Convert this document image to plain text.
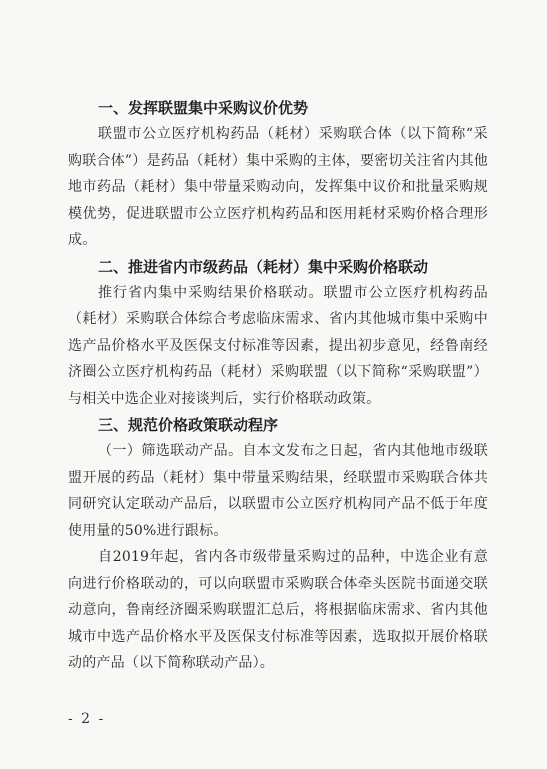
一、发挥联盟集中采购议价优势

联盟市公立医疗机构药品（耗材）采购联合体（以下简称“采购联合体”）是药品（耗材）集中采购的主体，要密切关注省内其他地市药品（耗材）集中带量采购动向，发挥集中议价和批量采购规模优势，促进联盟市公立医疗机构药品和医用耗材采购价格合理形成。

二、推进省内市级药品（耗材）集中采购价格联动

推行省内集中采购结果价格联动。联盟市公立医疗机构药品（耗材）采购联合体综合考虑临床需求、省内其他城市集中采购中选产品价格水平及医保支付标准等因素，提出初步意见，经鲁南经济圈公立医疗机构药品（耗材）采购联盟（以下简称“采购联盟”）与相关中选企业对接谈判后，实行价格联动政策。

三、规范价格政策联动程序

（一）筛选联动产品。自本文发布之日起，省内其他地市级联盟开展的药品（耗材）集中带量采购结果，经联盟市采购联合体共同研究认定联动产品后，以联盟市公立医疗机构同产品不低于年度使用量的50%进行跟标。

自2019年起，省内各市级带量采购过的品种，中选企业有意向进行价格联动的，可以向联盟市采购联合体牵头医院书面递交联动意向，鲁南经济圈采购联盟汇总后，将根据临床需求、省内其他城市中选产品价格水平及医保支付标准等因素，选取拟开展价格联动的产品（以下简称联动产品）。

- 2 -
